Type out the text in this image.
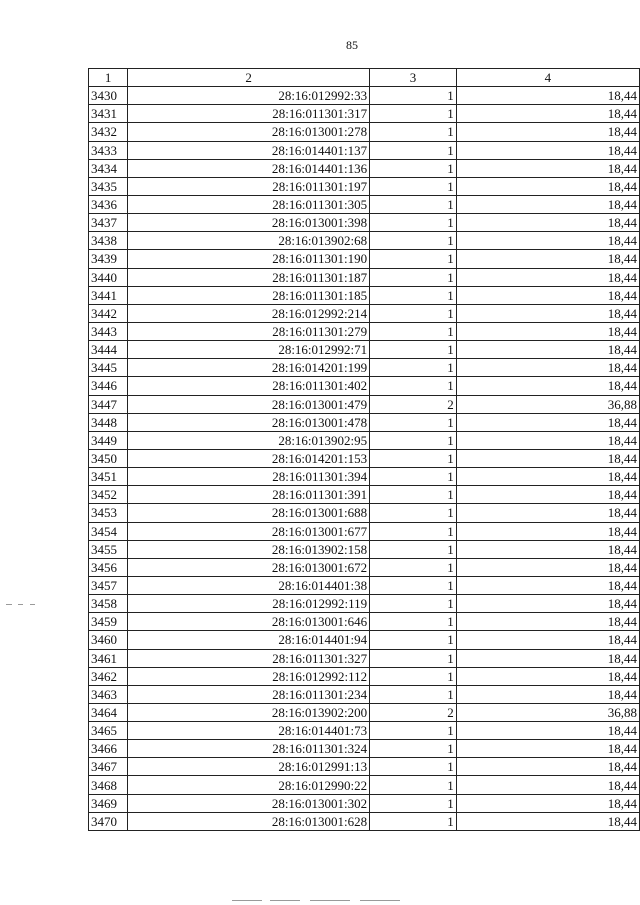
85
1	2	3	4
3430	28:16:012992:33	1	18,44
3431	28:16:011301:317	1	18,44
3432	28:16:013001:278	1	18,44
3433	28:16:014401:137	1	18,44
3434	28:16:014401:136	1	18,44
3435	28:16:011301:197	1	18,44
3436	28:16:011301:305	1	18,44
3437	28:16:013001:398	1	18,44
3438	28:16:013902:68	1	18,44
3439	28:16:011301:190	1	18,44
3440	28:16:011301:187	1	18,44
3441	28:16:011301:185	1	18,44
3442	28:16:012992:214	1	18,44
3443	28:16:011301:279	1	18,44
3444	28:16:012992:71	1	18,44
3445	28:16:014201:199	1	18,44
3446	28:16:011301:402	1	18,44
3447	28:16:013001:479	2	36,88
3448	28:16:013001:478	1	18,44
3449	28:16:013902:95	1	18,44
3450	28:16:014201:153	1	18,44
3451	28:16:011301:394	1	18,44
3452	28:16:011301:391	1	18,44
3453	28:16:013001:688	1	18,44
3454	28:16:013001:677	1	18,44
3455	28:16:013902:158	1	18,44
3456	28:16:013001:672	1	18,44
3457	28:16:014401:38	1	18,44
3458	28:16:012992:119	1	18,44
3459	28:16:013001:646	1	18,44
3460	28:16:014401:94	1	18,44
3461	28:16:011301:327	1	18,44
3462	28:16:012992:112	1	18,44
3463	28:16:011301:234	1	18,44
3464	28:16:013902:200	2	36,88
3465	28:16:014401:73	1	18,44
3466	28:16:011301:324	1	18,44
3467	28:16:012991:13	1	18,44
3468	28:16:012990:22	1	18,44
3469	28:16:013001:302	1	18,44
3470	28:16:013001:628	1	18,44
